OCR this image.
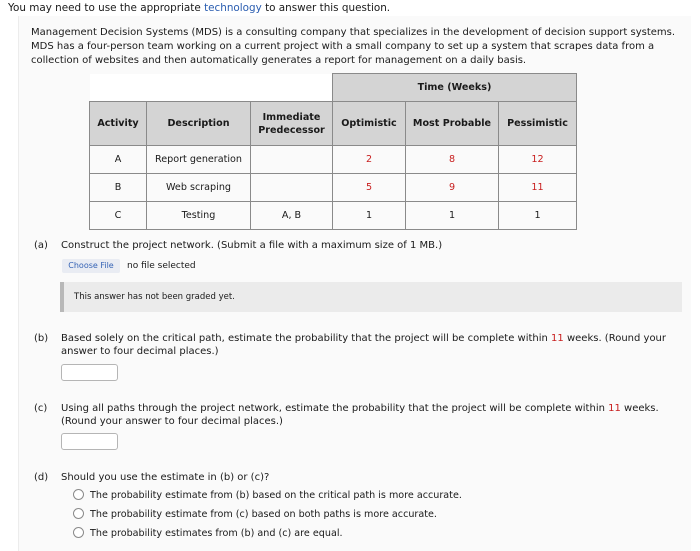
You may need to use the appropriate technology to answer this question.
Management Decision Systems (MDS) is a consulting company that specializes in the development of decision support systems. MDS has a four-person team working on a current project with a small company to set up a system that scrapes data from a collection of websites and then automatically generates a report for management on a daily basis.
			Time (Weeks)		
Activity	Description	Immediate Predecessor	Optimistic	Most Probable	Pessimistic
A	Report generation		2	8	12
B	Web scraping		5	9	11
C	Testing	A, B	1	1	1
(a) Construct the project network. (Submit a file with a maximum size of 1 MB.)
Choose File	no file selected
This answer has not been graded yet.
(b) Based solely on the critical path, estimate the probability that the project will be complete within 11 weeks. (Round your answer to four decimal places.)
(c) Using all paths through the project network, estimate the probability that the project will be complete within 11 weeks. (Round your answer to four decimal places.)
(d) Should you use the estimate in (b) or (c)?
The probability estimate from (b) based on the critical path is more accurate.
The probability estimate from (c) based on both paths is more accurate.
The probability estimates from (b) and (c) are equal.
